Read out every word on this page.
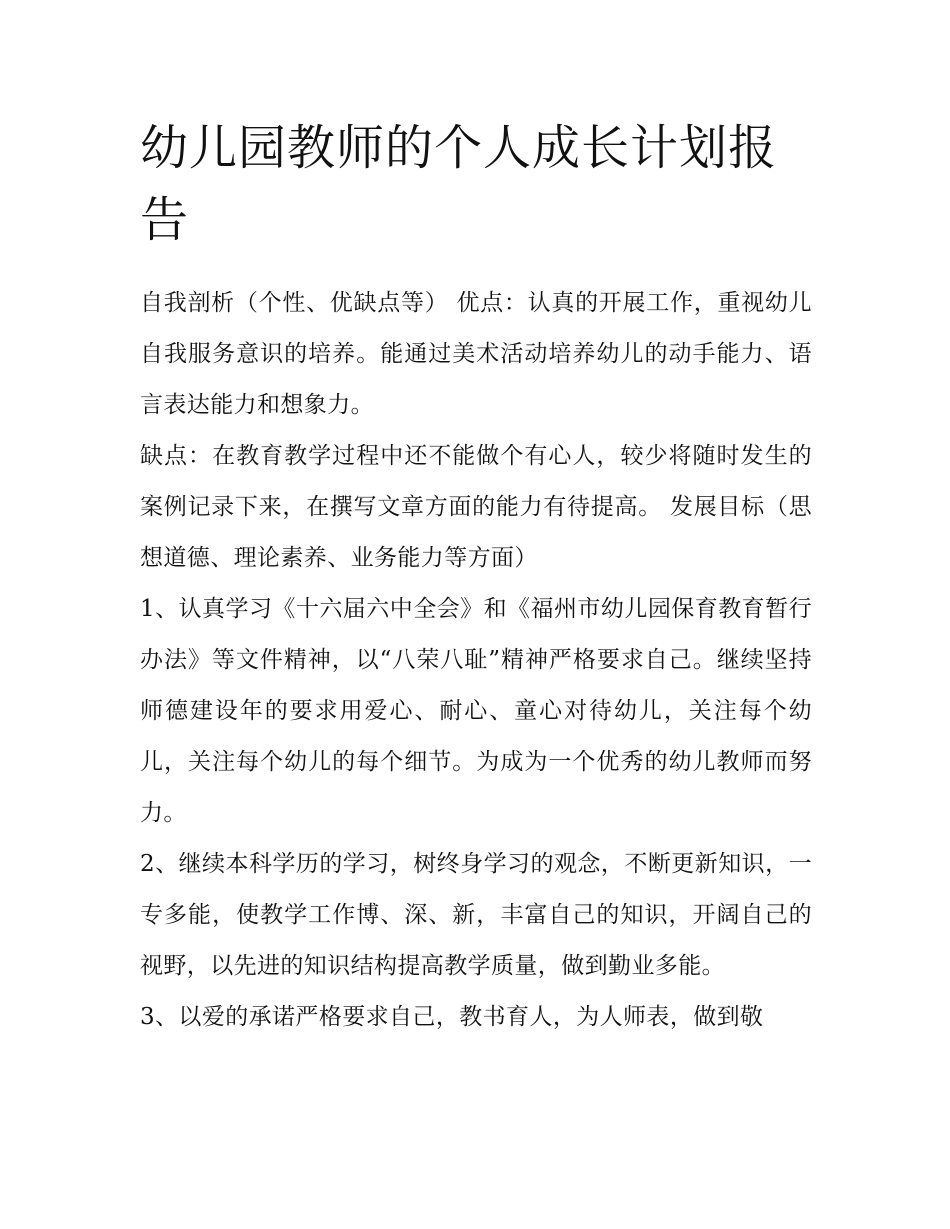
幼儿园教师的个人成长计划报告

自我剖析（个性、优缺点等） 优点：认真的开展工作，重视幼儿自我服务意识的培养。能通过美术活动培养幼儿的动手能力、语言表达能力和想象力。

缺点：在教育教学过程中还不能做个有心人，较少将随时发生的案例记录下来，在撰写文章方面的能力有待提高。 发展目标（思想道德、理论素养、业务能力等方面）

1、认真学习《十六届六中全会》和《福州市幼儿园保育教育暂行办法》等文件精神，以“八荣八耻”精神严格要求自己。继续坚持师德建设年的要求用爱心、耐心、童心对待幼儿，关注每个幼儿，关注每个幼儿的每个细节。为成为一个优秀的幼儿教师而努力。

2、继续本科学历的学习，树终身学习的观念，不断更新知识，一专多能，使教学工作博、深、新，丰富自己的知识，开阔自己的视野，以先进的知识结构提高教学质量，做到勤业多能。

3、以爱的承诺严格要求自己，教书育人，为人师表，做到敬
